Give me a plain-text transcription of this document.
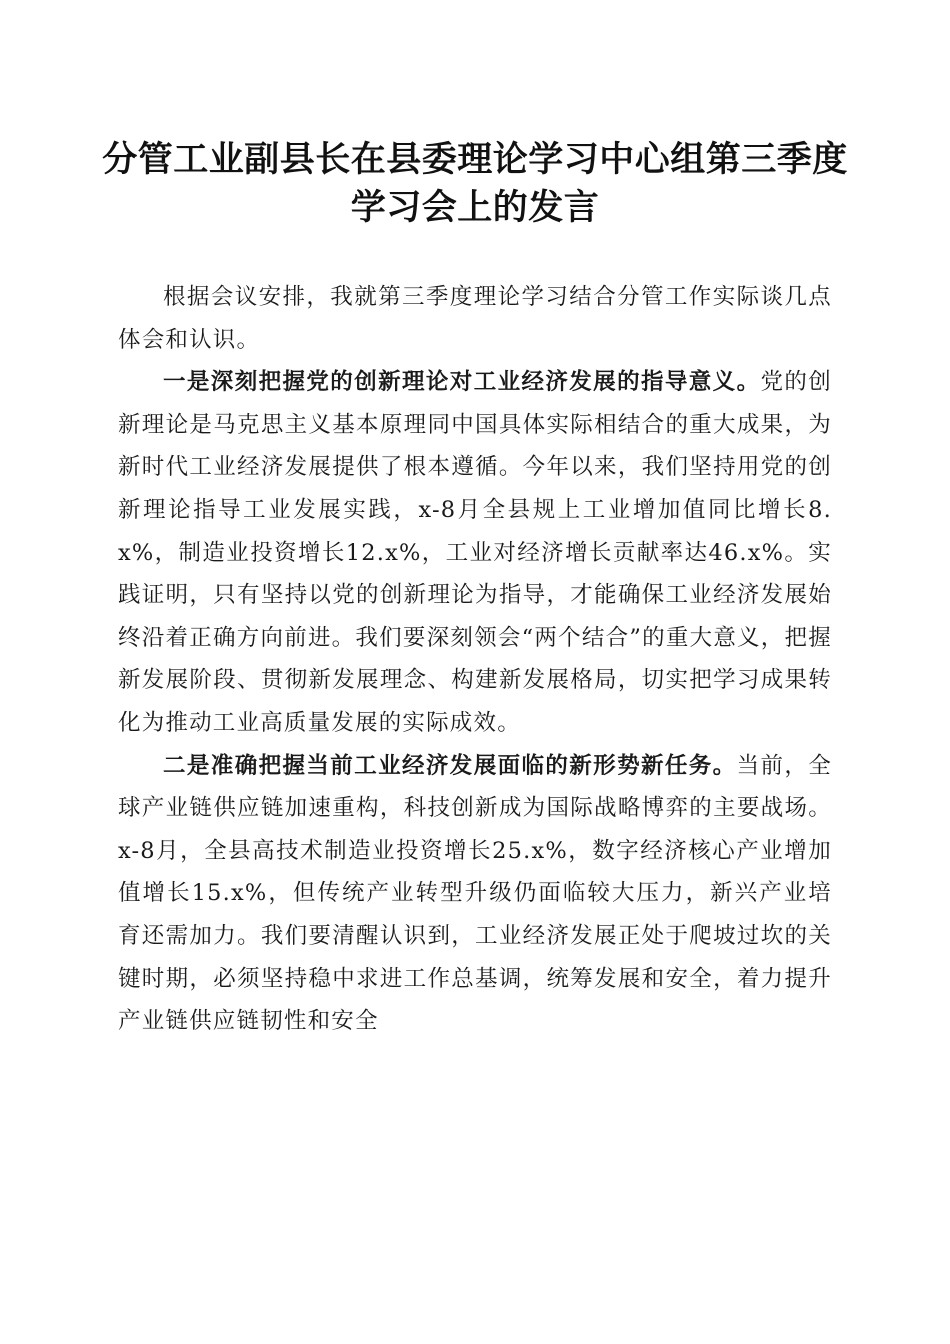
分管工业副县长在县委理论学习中心组第三季度学习会上的发言

根据会议安排，我就第三季度理论学习结合分管工作实际谈几点体会和认识。

一是深刻把握党的创新理论对工业经济发展的指导意义。党的创新理论是马克思主义基本原理同中国具体实际相结合的重大成果，为新时代工业经济发展提供了根本遵循。今年以来，我们坚持用党的创新理论指导工业发展实践，x-8月全县规上工业增加值同比增长8.x%，制造业投资增长12.x%，工业对经济增长贡献率达46.x%。实践证明，只有坚持以党的创新理论为指导，才能确保工业经济发展始终沿着正确方向前进。我们要深刻领会“两个结合”的重大意义，把握新发展阶段、贯彻新发展理念、构建新发展格局，切实把学习成果转化为推动工业高质量发展的实际成效。

二是准确把握当前工业经济发展面临的新形势新任务。当前，全球产业链供应链加速重构，科技创新成为国际战略博弈的主要战场。x-8月，全县高技术制造业投资增长25.x%，数字经济核心产业增加值增长15.x%，但传统产业转型升级仍面临较大压力，新兴产业培育还需加力。我们要清醒认识到，工业经济发展正处于爬坡过坎的关键时期，必须坚持稳中求进工作总基调，统筹发展和安全，着力提升产业链供应链韧性和安全
